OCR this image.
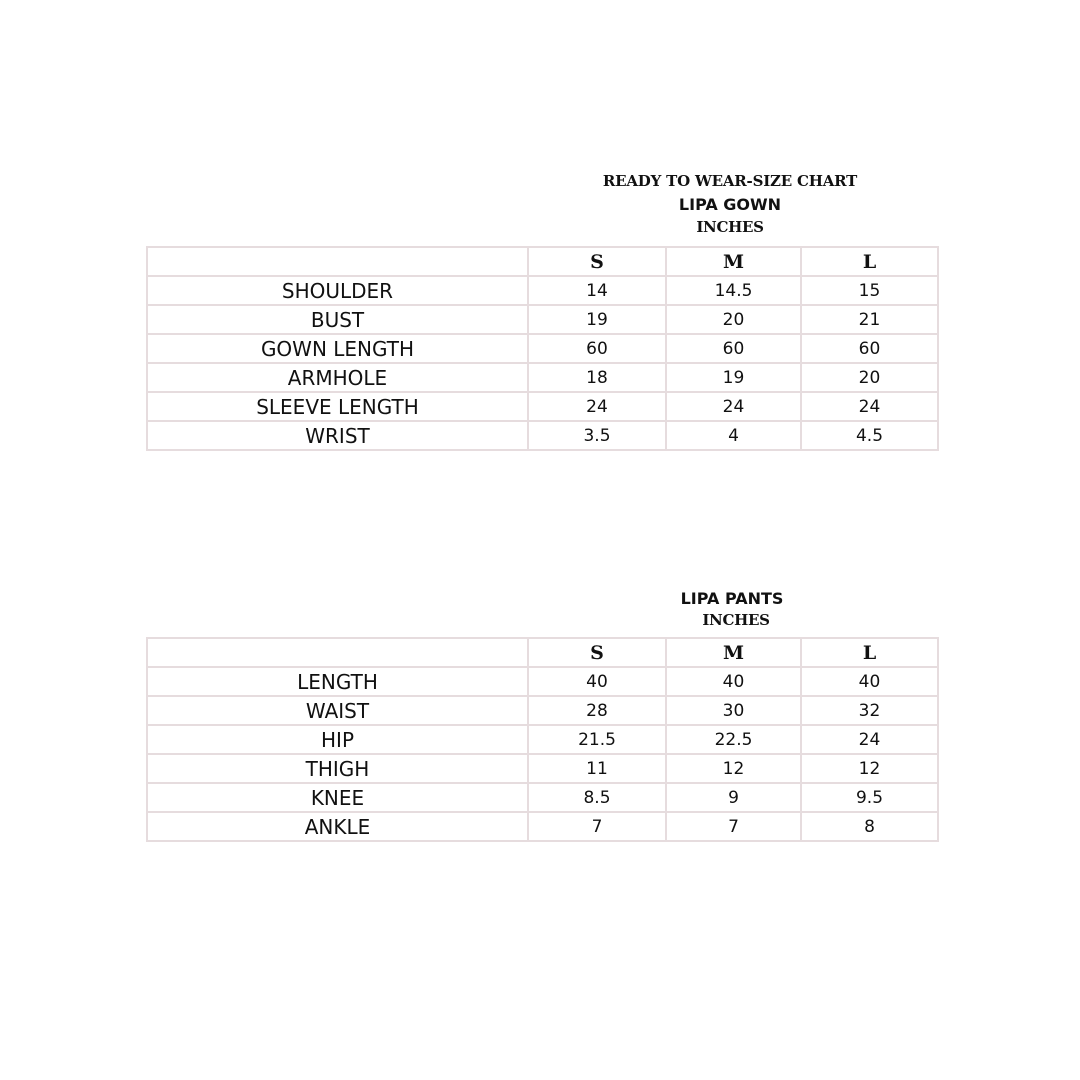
READY TO WEAR-SIZE CHART
LIPA GOWN
INCHES
	S	M	L
SHOULDER	14	14.5	15
BUST	19	20	21
GOWN LENGTH	60	60	60
ARMHOLE	18	19	20
SLEEVE LENGTH	24	24	24
WRIST	3.5	4	4.5
LIPA PANTS
INCHES
	S	M	L
LENGTH	40	40	40
WAIST	28	30	32
HIP	21.5	22.5	24
THIGH	11	12	12
KNEE	8.5	9	9.5
ANKLE	7	7	8
